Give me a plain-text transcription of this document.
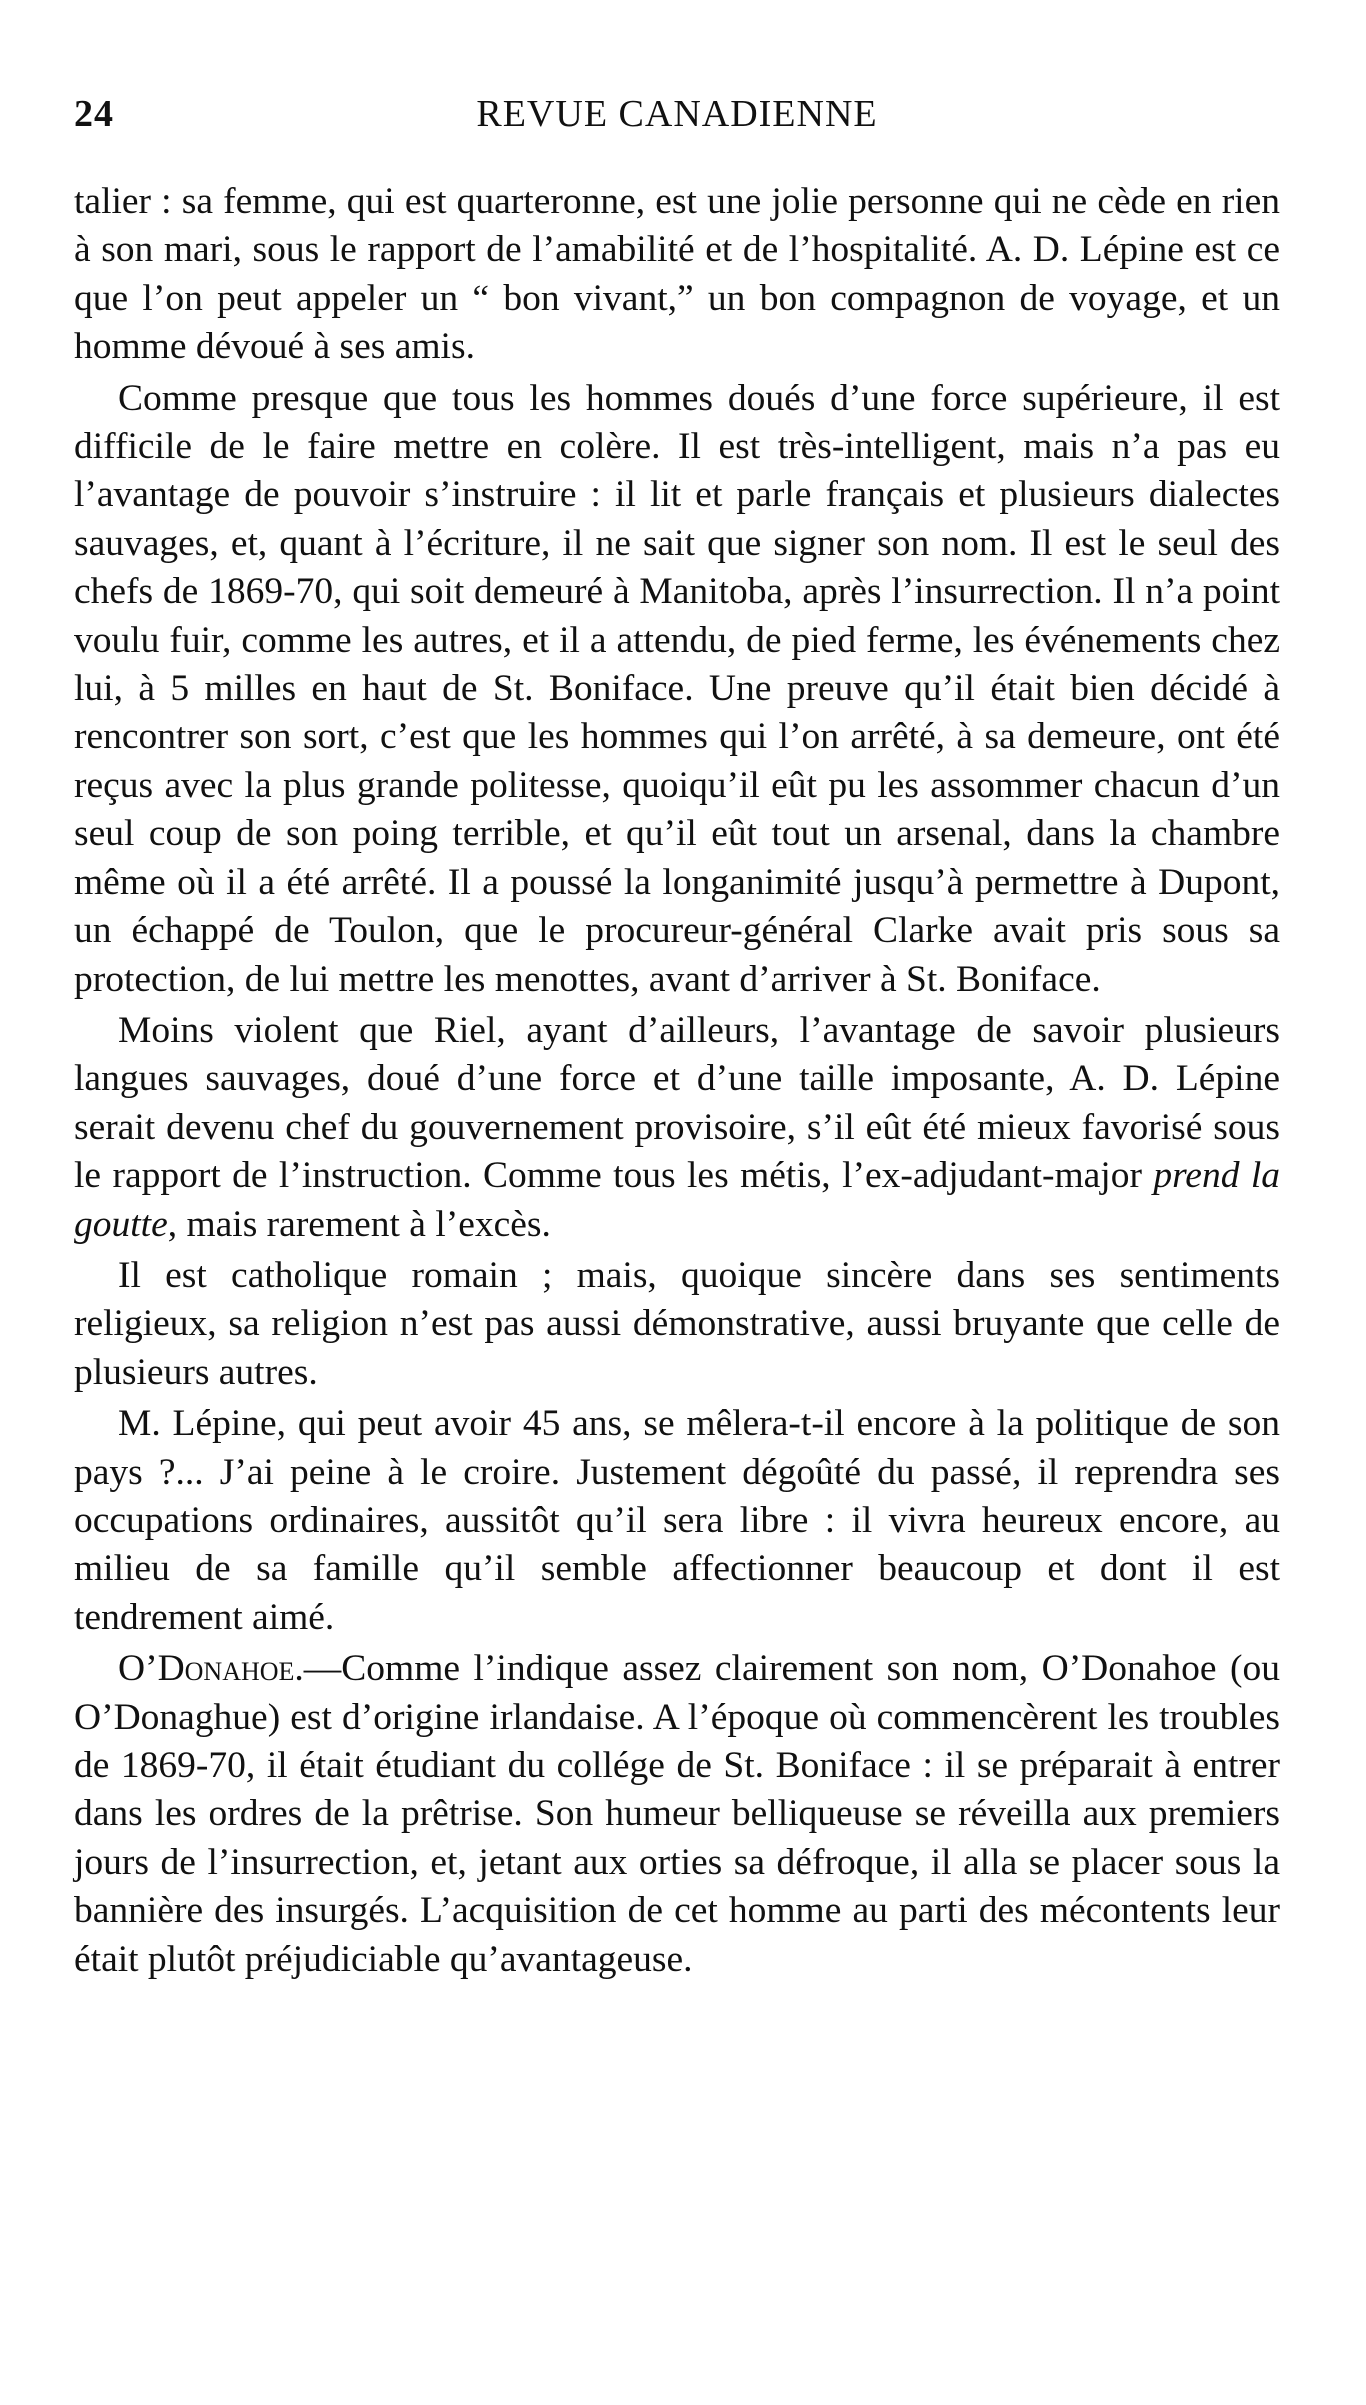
24	REVUE CANADIENNE

talier : sa femme, qui est quarteronne, est une jolie personne qui ne cède en rien à son mari, sous le rapport de l’amabilité et de l’hospitalité. A. D. Lépine est ce que l’on peut appeler un “ bon vivant,” un bon compagnon de voyage, et un homme dévoué à ses amis.

Comme presque que tous les hommes doués d’une force supérieure, il est difficile de le faire mettre en colère. Il est très-intelligent, mais n’a pas eu l’avantage de pouvoir s’instruire : il lit et parle français et plusieurs dialectes sauvages, et, quant à l’écriture, il ne sait que signer son nom. Il est le seul des chefs de 1869-70, qui soit demeuré à Manitoba, après l’insurrection. Il n’a point voulu fuir, comme les autres, et il a attendu, de pied ferme, les événements chez lui, à 5 milles en haut de St. Boniface. Une preuve qu’il était bien décidé à rencontrer son sort, c’est que les hommes qui l’on arrêté, à sa demeure, ont été reçus avec la plus grande politesse, quoiqu’il eût pu les assommer chacun d’un seul coup de son poing terrible, et qu’il eût tout un arsenal, dans la chambre même où il a été arrêté. Il a poussé la longanimité jusqu’à permettre à Dupont, un échappé de Toulon, que le procureur-général Clarke avait pris sous sa protection, de lui mettre les menottes, avant d’arriver à St. Boniface.

Moins violent que Riel, ayant d’ailleurs, l’avantage de savoir plusieurs langues sauvages, doué d’une force et d’une taille imposante, A. D. Lépine serait devenu chef du gouvernement provisoire, s’il eût été mieux favorisé sous le rapport de l’instruction. Comme tous les métis, l’ex-adjudant-major prend la goutte, mais rarement à l’excès.

Il est catholique romain ; mais, quoique sincère dans ses sentiments religieux, sa religion n’est pas aussi démonstrative, aussi bruyante que celle de plusieurs autres.

M. Lépine, qui peut avoir 45 ans, se mêlera-t-il encore à la politique de son pays ?... J’ai peine à le croire. Justement dégoûté du passé, il reprendra ses occupations ordinaires, aussitôt qu’il sera libre : il vivra heureux encore, au milieu de sa famille qu’il semble affectionner beaucoup et dont il est tendrement aimé.

O’Donahoe.—Comme l’indique assez clairement son nom, O’Donahoe (ou O’Donaghue) est d’origine irlandaise. A l’époque où commencèrent les troubles de 1869-70, il était étudiant du collége de St. Boniface : il se préparait à entrer dans les ordres de la prêtrise. Son humeur belliqueuse se réveilla aux premiers jours de l’insurrection, et, jetant aux orties sa défroque, il alla se placer sous la bannière des insurgés. L’acquisition de cet homme au parti des mécontents leur était plutôt préjudiciable qu’avantageuse.
